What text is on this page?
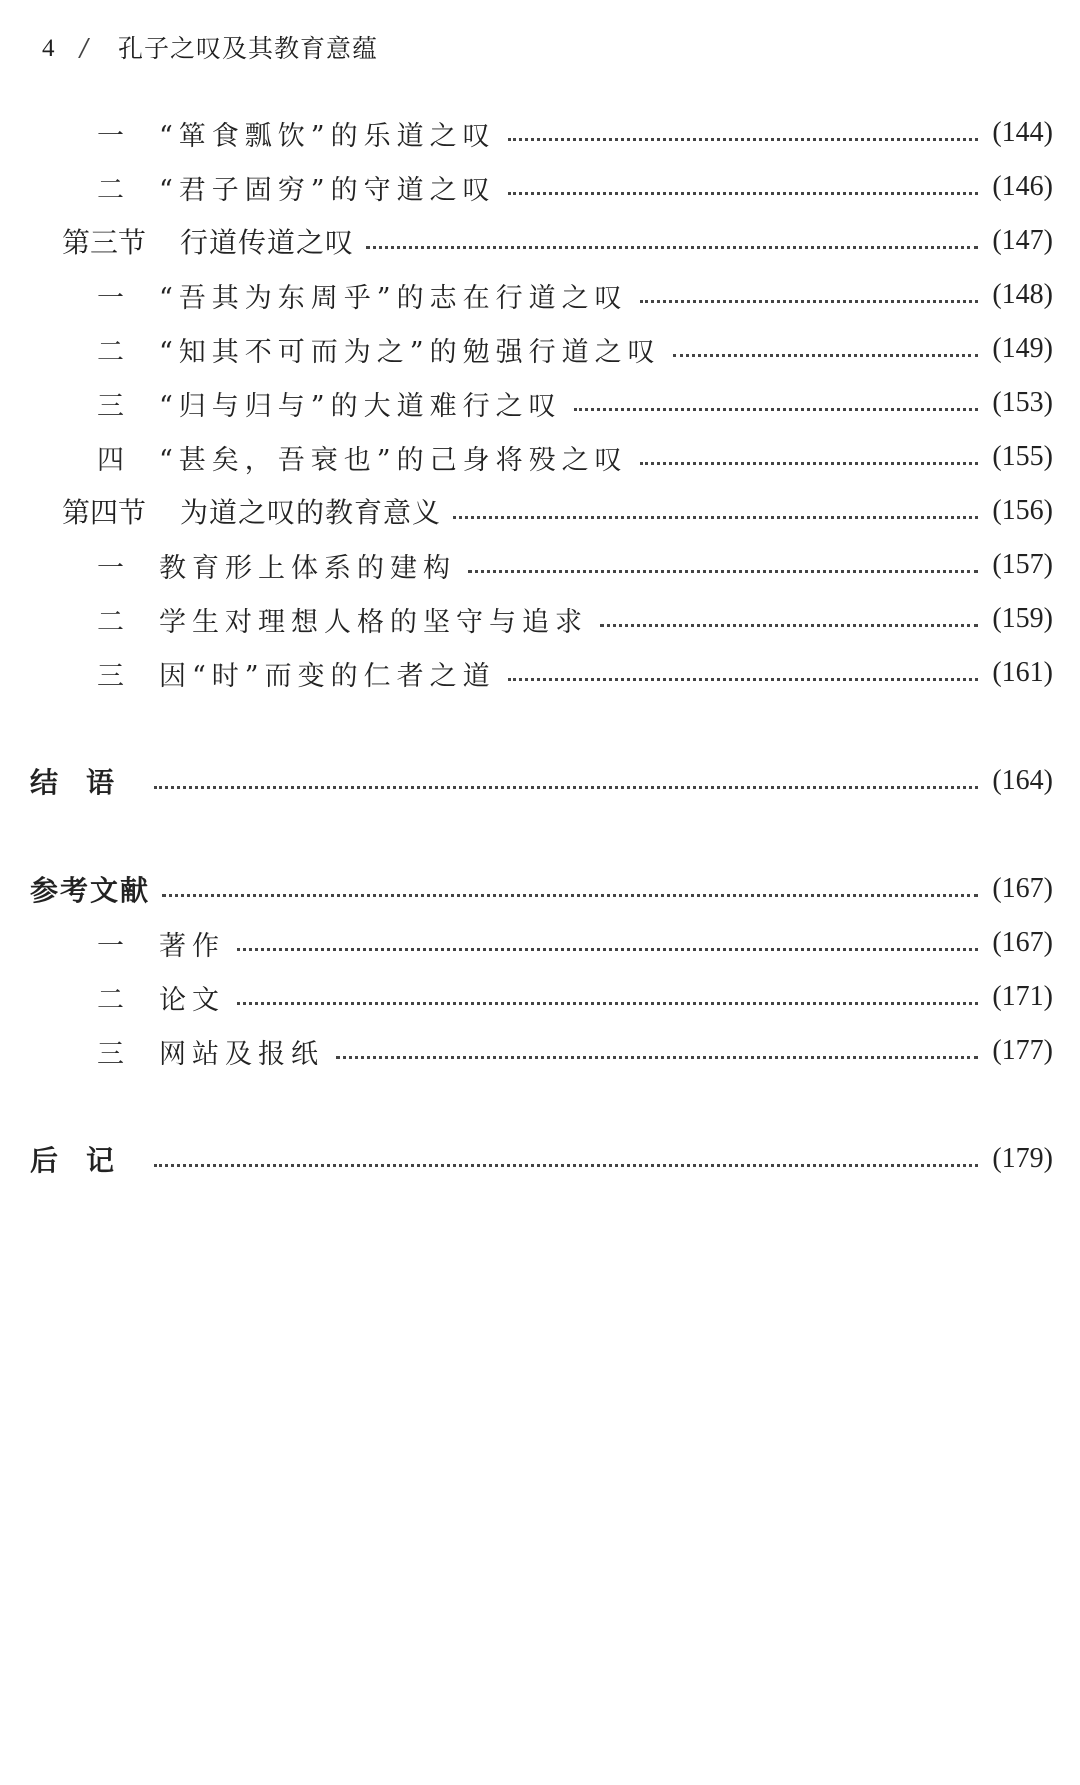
4	/	孔子之叹及其教育意蕴
一	“箪食瓢饮”的乐道之叹	(144)
二	“君子固穷”的守道之叹	(146)
第三节 行道传道之叹	(147)
一	“吾其为东周乎”的志在行道之叹	(148)
二	“知其不可而为之”的勉强行道之叹	(149)
三	“归与归与”的大道难行之叹	(153)
四	“甚矣，吾衰也”的己身将殁之叹	(155)
第四节 为道之叹的教育意义	(156)
一	教育形上体系的建构	(157)
二	学生对理想人格的坚守与追求	(159)
三	因“时”而变的仁者之道	(161)
结语	(164)
参考文献	(167)
一	著作	(167)
二	论文	(171)
三	网站及报纸	(177)
后记	(179)
